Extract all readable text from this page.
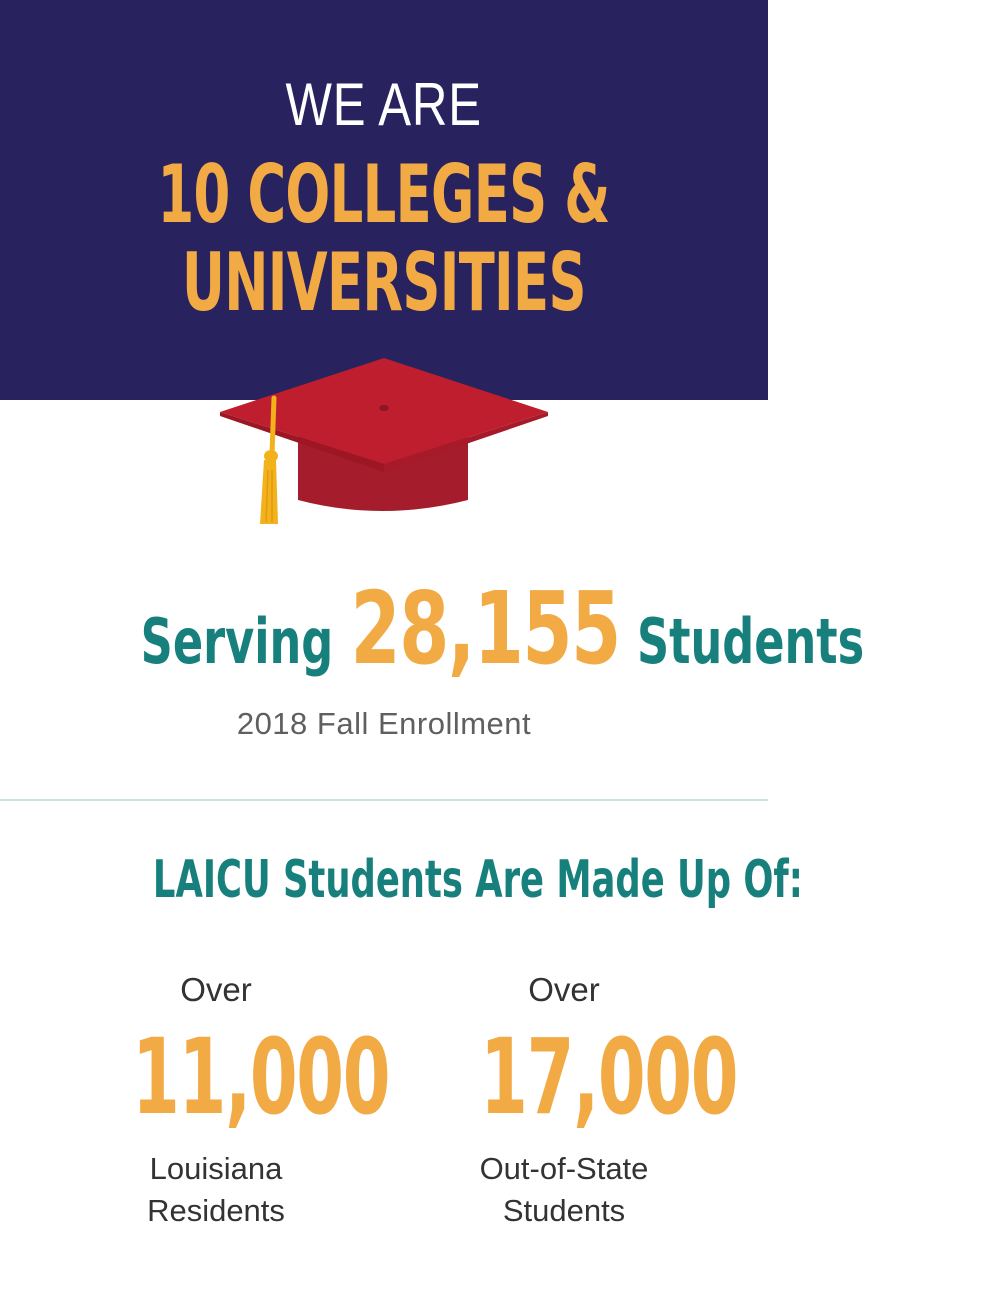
WE ARE
10 COLLEGES &
UNIVERSITIES
Serving 28,155 Students
2018 Fall Enrollment
LAICU Students Are Made Up Of:
Over
11,000
Louisiana
Residents
Over
17,000
Out-of-State
Students
